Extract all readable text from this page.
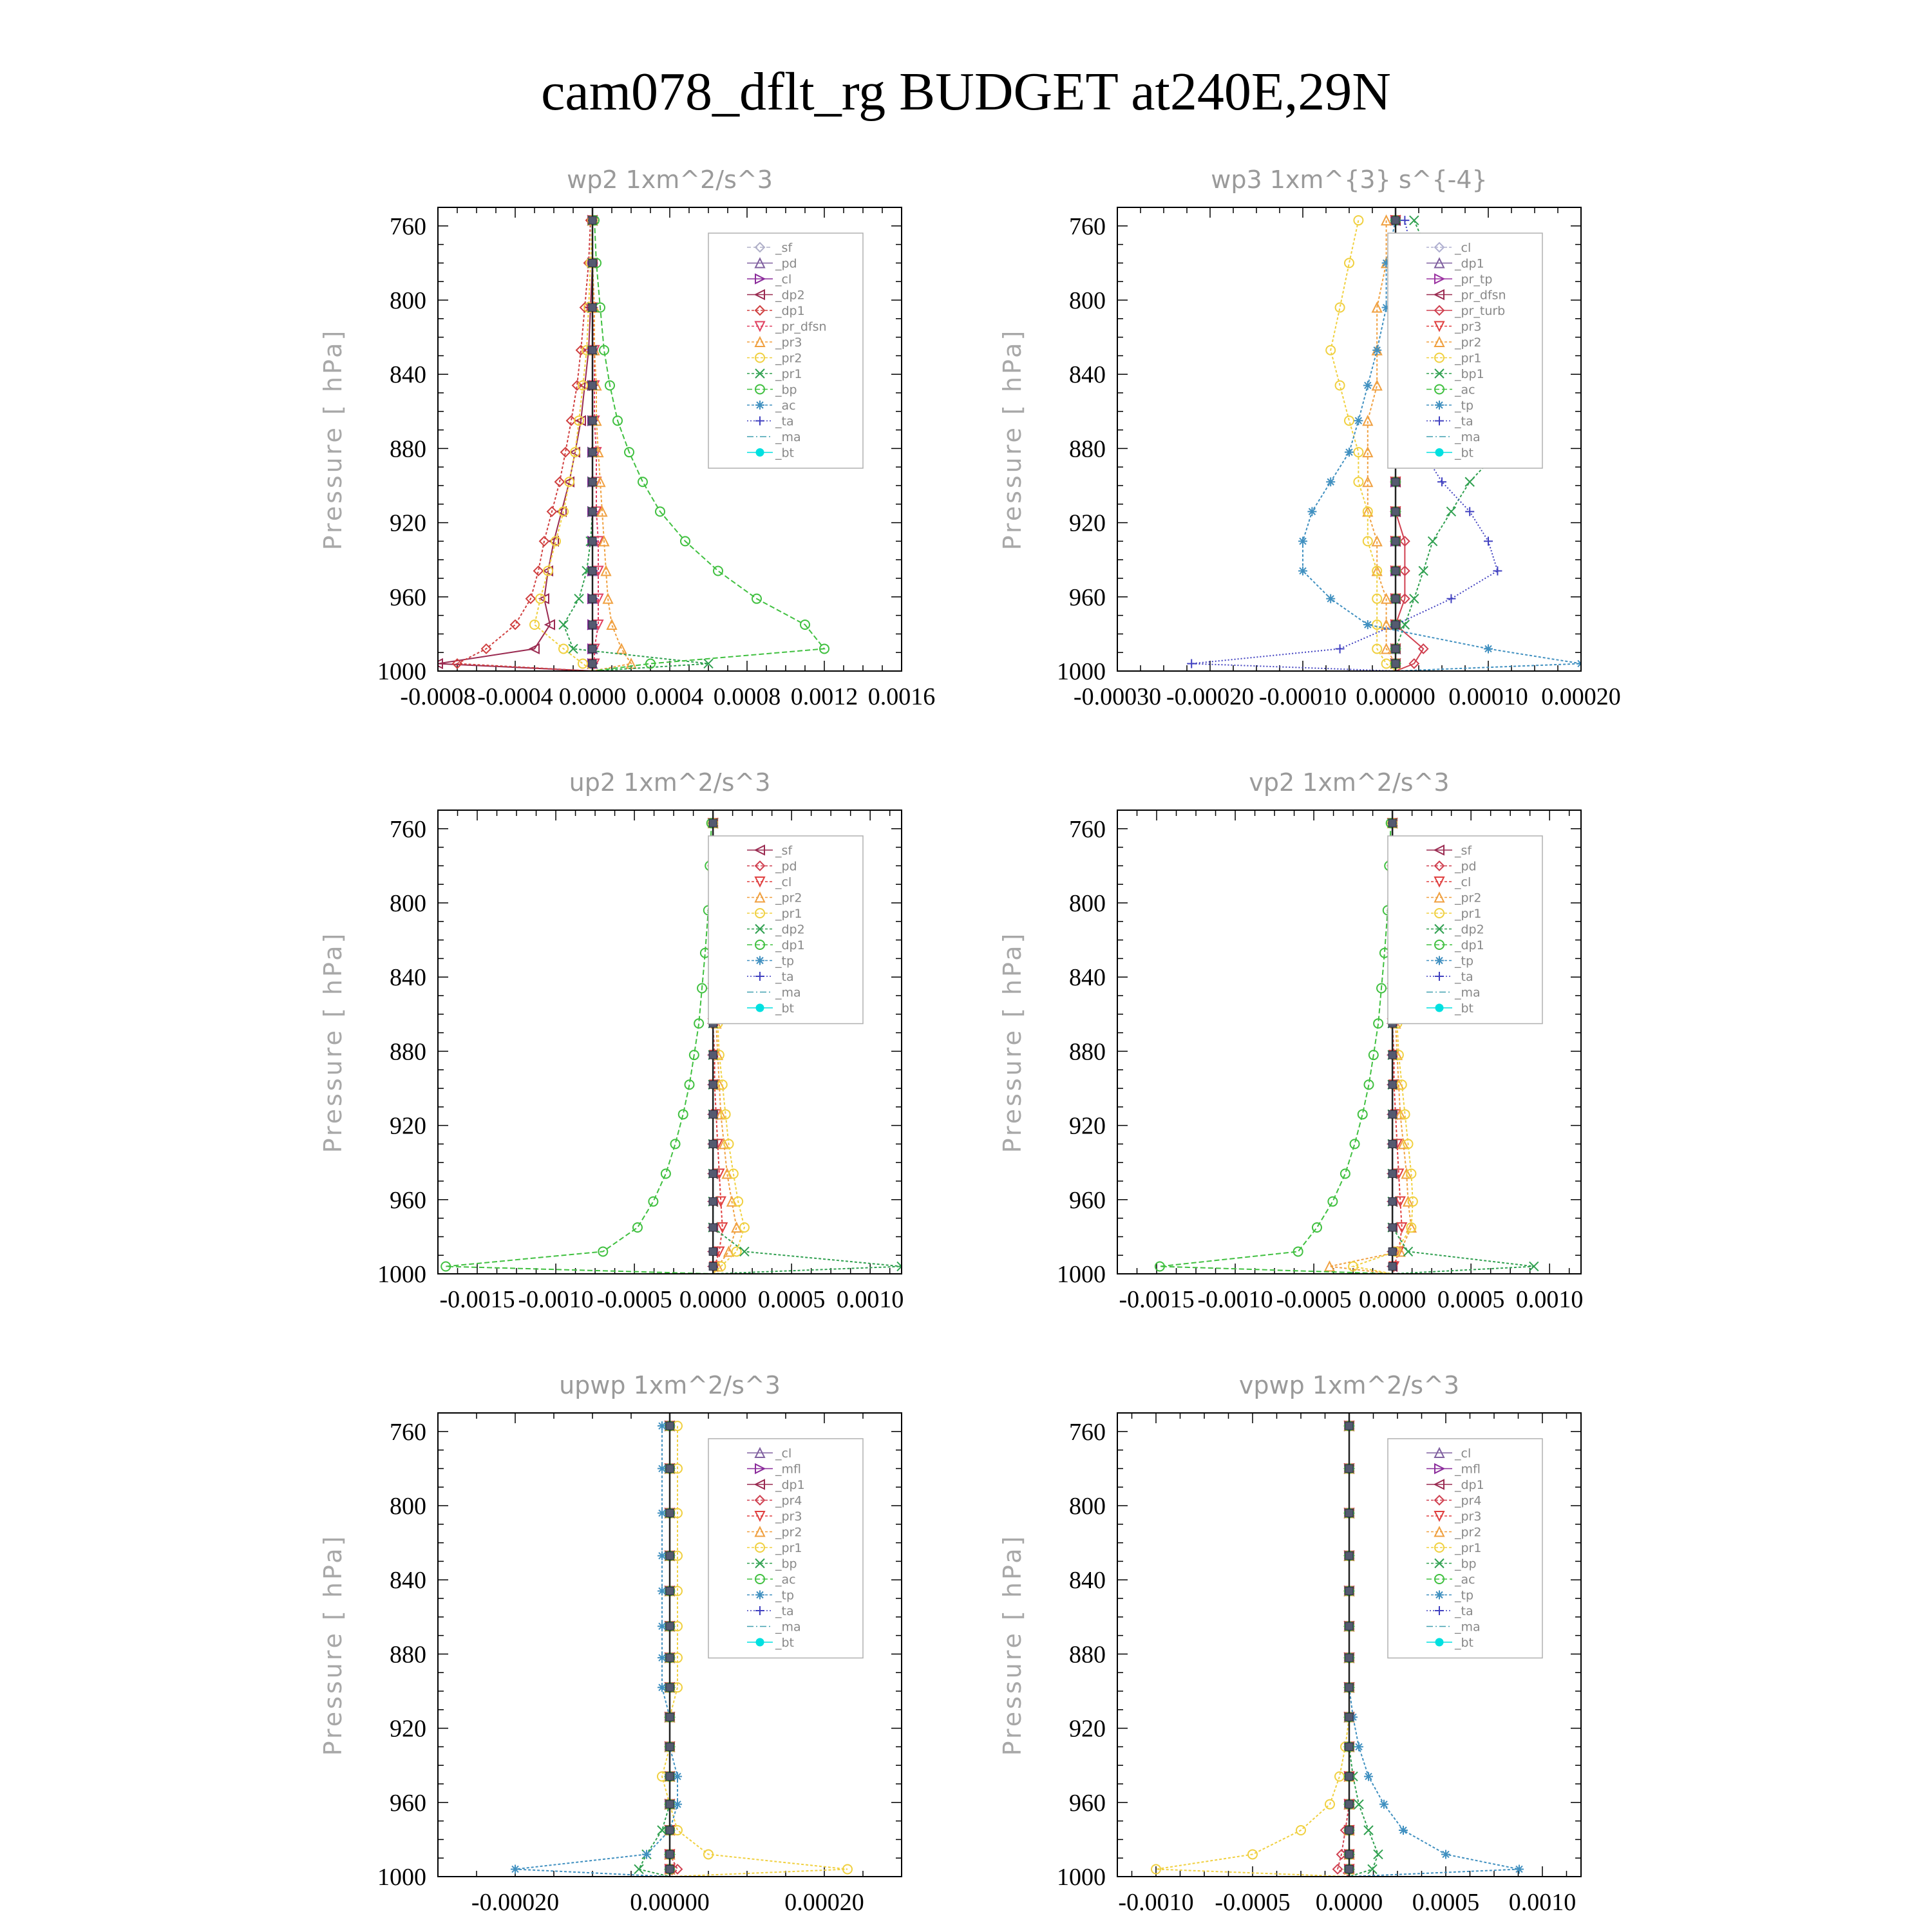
cam078_dflt_rg BUDGET at240E,29N
wp2 1xm^2/s^3
Pressure [ hPa]
760
800
840
880
920
960
1000
-0.0008 -0.0004 0.0000 0.0004 0.0008 0.0012 0.0016
_sf
_pd
_cl
_dp2
_dp1
_pr_dfsn
_pr3
_pr2
_pr1
_bp
_ac
_ta
_ma
_bt
wp3 1xm^{3} s^{-4}
Pressure [ hPa]
760
800
840
880
920
960
1000
-0.00030 -0.00020 -0.00010 0.00000 0.00010 0.00020
_cl
_dp1
_pr_tp
_pr_dfsn
_pr_turb
_pr3
_pr2
_pr1
_bp1
_ac
_tp
_ta
_ma
_bt
up2 1xm^2/s^3
Pressure [ hPa]
760
800
840
880
920
960
1000
-0.0015 -0.0010 -0.0005 0.0000 0.0005 0.0010
_sf
_pd
_cl
_pr2
_pr1
_dp2
_dp1
_tp
_ta
_ma
_bt
vp2 1xm^2/s^3
Pressure [ hPa]
760
800
840
880
920
960
1000
-0.0015 -0.0010 -0.0005 0.0000 0.0005 0.0010
_sf
_pd
_cl
_pr2
_pr1
_dp2
_dp1
_tp
_ta
_ma
_bt
upwp 1xm^2/s^3
Pressure [ hPa]
760
800
840
880
920
960
1000
-0.00020	0.00000	0.00020
_cl
_mfl
_dp1
_pr4
_pr3
_pr2
_pr1
_bp
_ac
_tp
_ta
_ma
_bt
vpwp 1xm^2/s^3
Pressure [ hPa]
760
800
840
880
920
960
1000
-0.0010 -0.0005 0.0000 0.0005 0.0010
_cl
_mfl
_dp1
_pr4
_pr3
_pr2
_pr1
_bp
_ac
_tp
_ta
_ma
_bt
